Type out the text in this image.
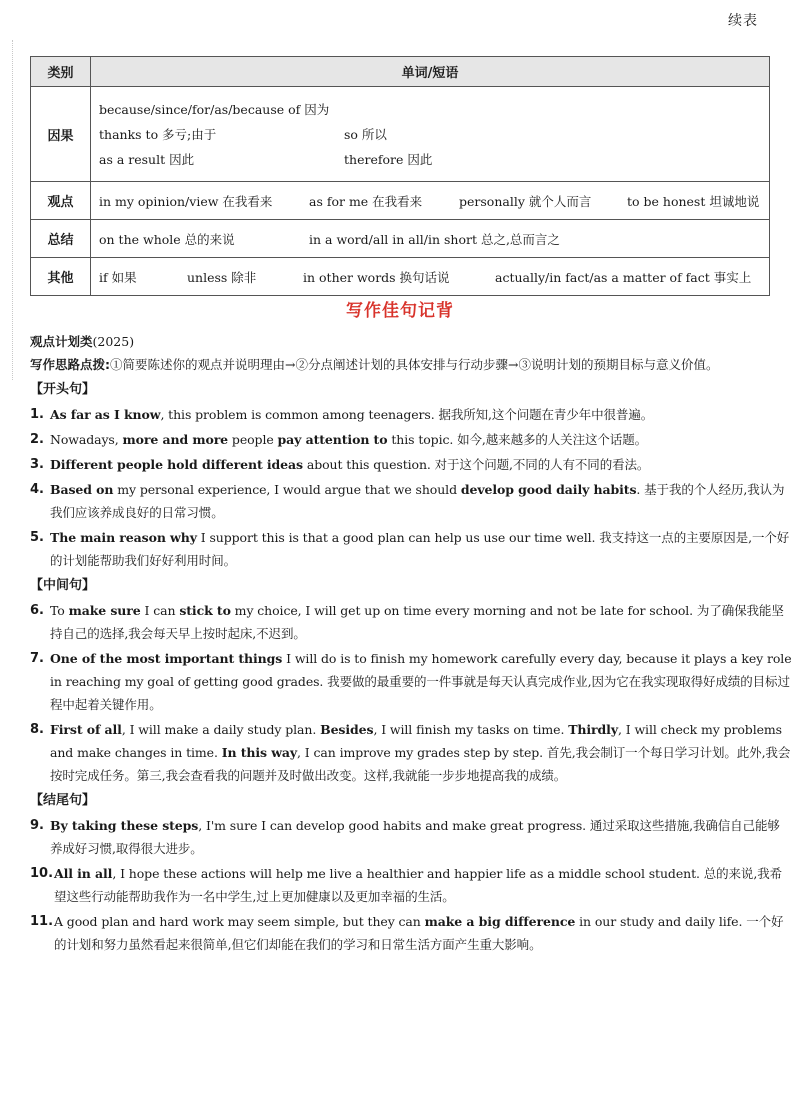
续表
类别	单词/短语
因果	because/since/for/as/because of 因为
thanks to 多亏;由于 so 所以
as a result 因此 therefore 因此

观点	in my opinion/view 在我看来 as for me 在我看来 personally 就个人而言 to be honest 坦诚地说

总结	on the whole 总的来说 in a word/all in all/in short 总之,总而言之

其他	if 如果 unless 除非 in other words 换句话说 actually/in fact/as a matter of fact 事实上
写作佳句记背
观点计划类(2025)
写作思路点拨:①简要陈述你的观点并说明理由→②分点阐述计划的具体安排与行动步骤→③说明计划的预期目标与意义价值。
【开头句】
1. As far as I know, this problem is common among teenagers. 据我所知,这个问题在青少年中很普遍。
2. Nowadays, more and more people pay attention to this topic. 如今,越来越多的人关注这个话题。
3. Different people hold different ideas about this question. 对于这个问题,不同的人有不同的看法。
4. Based on my personal experience, I would argue that we should develop good daily habits. 基于我的个人经历,我认为我们应该养成良好的日常习惯。
5. The main reason why I support this is that a good plan can help us use our time well. 我支持这一点的主要原因是,一个好的计划能帮助我们好好利用时间。
【中间句】
6. To make sure I can stick to my choice, I will get up on time every morning and not be late for school. 为了确保我能坚持自己的选择,我会每天早上按时起床,不迟到。
7. One of the most important things I will do is to finish my homework carefully every day, because it plays a key role in reaching my goal of getting good grades. 我要做的最重要的一件事就是每天认真完成作业,因为它在我实现取得好成绩的目标过程中起着关键作用。
8. First of all, I will make a daily study plan. Besides, I will finish my tasks on time. Thirdly, I will check my problems and make changes in time. In this way, I can improve my grades step by step. 首先,我会制订一个每日学习计划。此外,我会按时完成任务。第三,我会查看我的问题并及时做出改变。这样,我就能一步步地提高我的成绩。
【结尾句】
9. By taking these steps, I'm sure I can develop good habits and make great progress. 通过采取这些措施,我确信自己能够养成好习惯,取得很大进步。
10. All in all, I hope these actions will help me live a healthier and happier life as a middle school student. 总的来说,我希望这些行动能帮助我作为一名中学生,过上更加健康以及更加幸福的生活。
11. A good plan and hard work may seem simple, but they can make a big difference in our study and daily life. 一个好的计划和努力虽然看起来很简单,但它们却能在我们的学习和日常生活方面产生重大影响。
